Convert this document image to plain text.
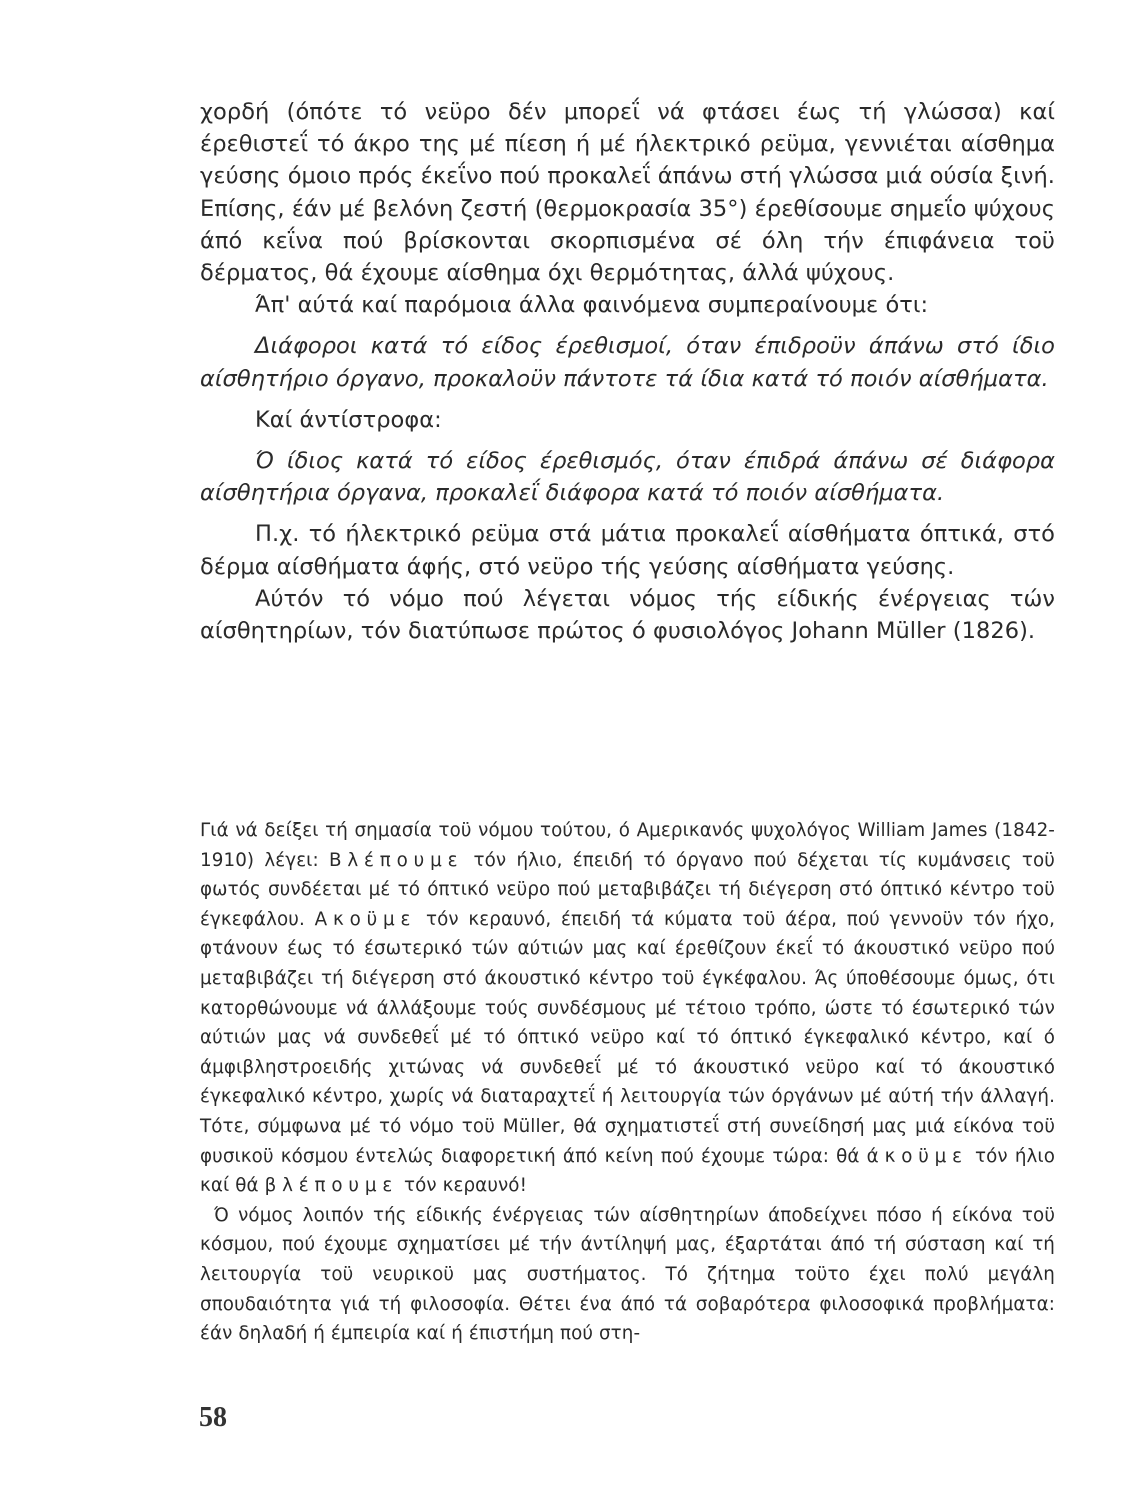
χορδή (όπότε τό νεϋρο δέν μπορεΐ νά φτάσει έως τή γλώσσα) καί έρεθιστεΐ τό άκρο της μέ πίεση ή μέ ήλεκτρικό ρεϋμα, γεννιέται αίσθημα γεύσης όμοιο πρός έκεΐνο πού προκαλεΐ άπάνω στή γλώσσα μιά ούσία ξινή. Επίσης, έάν μέ βελόνη ζεστή (θερμοκρασία 35°) έρεθίσουμε σημεΐο ψύχους άπό κεΐνα πού βρίσκονται σκορπισμένα σέ όλη τήν έπιφάνεια τοϋ δέρματος, θά έχουμε αίσθημα όχι θερμότητας, άλλά ψύχους.

Άπ' αύτά καί παρόμοια άλλα φαινόμενα συμπεραίνουμε ότι:

Διάφοροι κατά τό είδος έρεθισμοί, όταν έπιδροϋν άπάνω στό ίδιο αίσθητήριο όργανο, προκαλοϋν πάντοτε τά ίδια κατά τό ποιόν αίσθήματα.

Καί άντίστροφα:

Ό ίδιος κατά τό είδος έρεθισμός, όταν έπιδρά άπάνω σέ διάφορα αίσθητήρια όργανα, προκαλεΐ διάφορα κατά τό ποιόν αίσθήματα.

Π.χ. τό ήλεκτρικό ρεϋμα στά μάτια προκαλεΐ αίσθήματα όπτικά, στό δέρμα αίσθήματα άφής, στό νεϋρο τής γεύσης αίσθήματα γεύσης.

Αύτόν τό νόμο πού λέγεται νόμος τής είδικής ένέργειας τών αίσθητηρίων, τόν διατύπωσε πρώτος ό φυσιολόγος Johann Müller (1826).

Γιά νά δείξει τή σημασία τοϋ νόμου τούτου, ό Αμερικανός ψυχολόγος William James (1842-1910) λέγει: Βλέπουμε τόν ήλιο, έπειδή τό όργανο πού δέχεται τίς κυμάνσεις τοϋ φωτός συνδέεται μέ τό όπτικό νεϋρο πού μεταβιβάζει τή διέγερση στό όπτικό κέντρο τοϋ έγκεφάλου. Ακοϋμε τόν κεραυνό, έπειδή τά κύματα τοϋ άέρα, πού γεννοϋν τόν ήχο, φτάνουν έως τό έσωτερικό τών αύτιών μας καί έρεθίζουν έκεΐ τό άκουστικό νεϋρο πού μεταβιβάζει τή διέγερση στό άκουστικό κέντρο τοϋ έγκέφαλου. Άς ύποθέσουμε όμως, ότι κατορθώνουμε νά άλλάξουμε τούς συνδέσμους μέ τέτοιο τρόπο, ώστε τό έσωτερικό τών αύτιών μας νά συνδεθεΐ μέ τό όπτικό νεϋρο καί τό όπτικό έγκεφαλικό κέντρο, καί ό άμφιβληστροειδής χιτώνας νά συνδεθεΐ μέ τό άκουστικό νεϋρο καί τό άκουστικό έγκεφαλικό κέντρο, χωρίς νά διαταραχτεΐ ή λειτουργία τών όργάνων μέ αύτή τήν άλλαγή. Τότε, σύμφωνα μέ τό νόμο τοϋ Müller, θά σχηματιστεΐ στή συνείδησή μας μιά είκόνα τοϋ φυσικοϋ κόσμου έντελώς διαφορετική άπό κείνη πού έχουμε τώρα: θά άκοϋμε τόν ήλιο καί θά βλέπουμε τόν κεραυνό!

Ό νόμος λοιπόν τής είδικής ένέργειας τών αίσθητηρίων άποδείχνει πόσο ή είκόνα τοϋ κόσμου, πού έχουμε σχηματίσει μέ τήν άντίληψή μας, έξαρτάται άπό τή σύσταση καί τή λειτουργία τοϋ νευρικοϋ μας συστήματος. Τό ζήτημα τοϋτο έχει πολύ μεγάλη σπουδαιότητα γιά τή φιλοσοφία. Θέτει ένα άπό τά σοβαρότερα φιλοσοφικά προβλήματα: έάν δηλαδή ή έμπειρία καί ή έπιστήμη πού στη-

58
